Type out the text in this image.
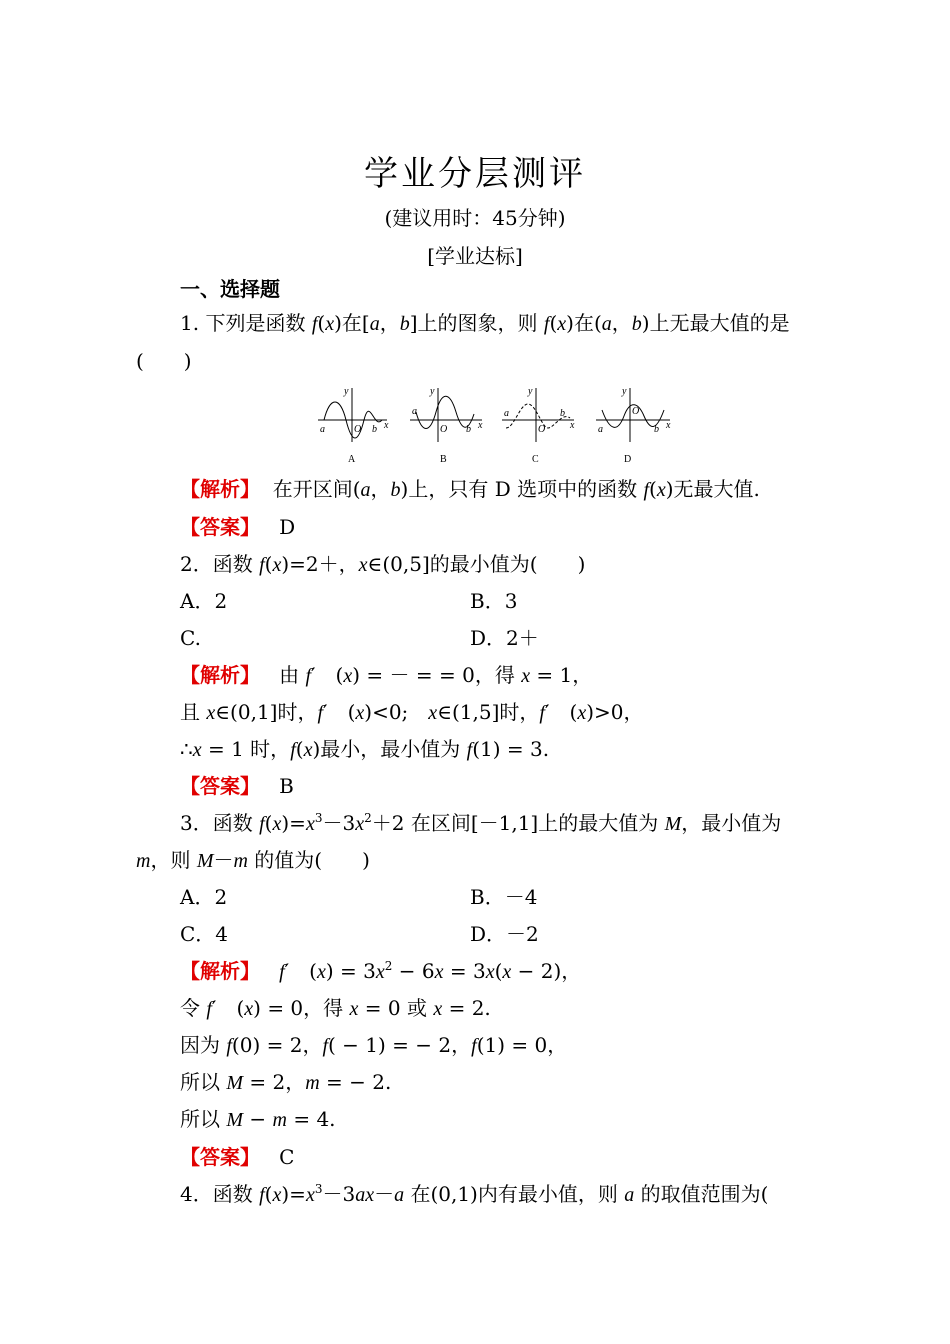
学业分层测评
(建议用时：45分钟)
[学业达标]
一、选择题
1. 下列是函数 f(x)在[a，b]上的图象，则 f(x)在(a，b)上无最大值的是
(　　)
a
y
O b x
a
y
O b x
a
y
O
b
x a
y
O
b x
A	B	C	D
【解析】 在开区间(a，b)上，只有 D 选项中的函数 f(x)无最大值.
【答案】 D
2．函数 f(x)=2＋，x∈(0,5]的最小值为(　　)
A．2	B．3
C.	D．2＋
【解析】 由 f′　(x) = － = = 0，得 x = 1，
且 x∈(0,1]时，f′　(x)<0;　x∈(1,5]时，f′　(x)>0，
∴x = 1 时，f(x)最小，最小值为 f(1) = 3.
【答案】 B
3．函数 $f(x)=x^3-3x^2+2$ 在区间[－1,1]上的最大值为 M，最小值为
m，则 M－m 的值为(　　)
A．2	B．－4
C．4	D．－2
【解析】 f′　$(x) = 3x^2 - 6x = 3x(x - 2)$，
令 f′　(x) = 0，得 x = 0 或 x = 2.
因为 f(0) = 2，f( − 1) = − 2，f(1) = 0，
所以 M = 2，m = − 2.
所以 M − m = 4.
【答案】 C
4．函数 $f(x)=x^3-3ax-a$ 在(0,1)内有最小值，则 a 的取值范围为(
